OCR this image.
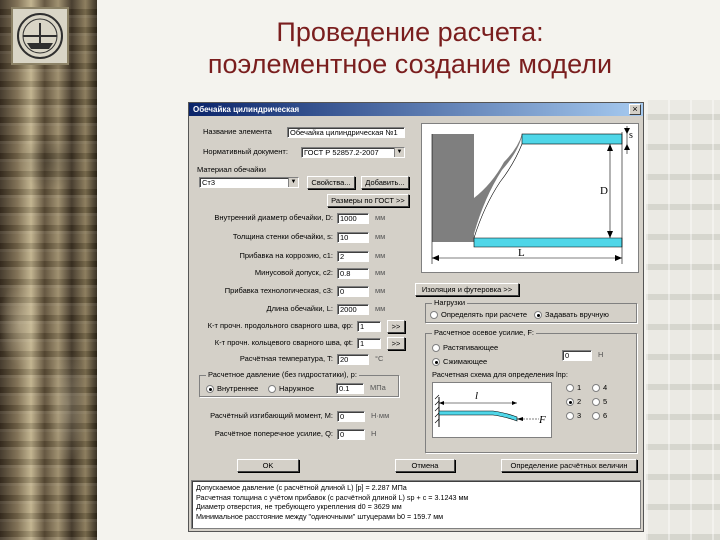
Проведение расчета:
поэлементное создание модели
Обечайка цилиндрическая	×
Название элемента	Обечайка цилиндрическая №1
Нормативный документ:	ГОСТ Р 52857.2-2007	▼
Материал обечайки
Ст3	▼	Свойства...	Добавить...
Размеры по ГОСТ >>
Внутренний диаметр обечайки, D: 1000	мм
Толщина стенки обечайки, s: 10	мм
Прибавка на коррозию, c1: 2	мм
Минусовой допуск, c2: 0.8	мм
Прибавка технологическая, c3: 0	мм
Длина обечайки, L: 2000	мм
К-т прочн. продольного сварного шва, φp: 1	>>
К-т прочн. кольцевого сварного шва, φt: 1	>>
Расчётная температура, T: 20	°С
Расчетное давление (без гидростатики), p:
Внутреннее	Наружное	0.1	МПа
Расчётный изгибающий момент, M: 0	Н·мм
Расчётное поперечное усилие, Q: 0	Н
s
D
L
Изоляция и футеровка >>
Нагрузки
Определять при расчете Задавать вручную
Расчетное осевое усилие, F:
Растягивающее
Сжимающее
0	Н
Расчетная схема для определения lпр:
l
F
1
2
3
4
5
6
OK	Отмена	Определение расчётных величин
Допускаемое давление (с расчётной длиной L) [p] = 2.287 МПа
Расчетная толщина с учётом прибавок (с расчётной длиной L) sp + c = 3.1243 мм
Диаметр отверстия, не требующего укрепления d0 = 3629 мм
Минимальное расстояние между "одиночными" штуцерами b0 = 159.7 мм
